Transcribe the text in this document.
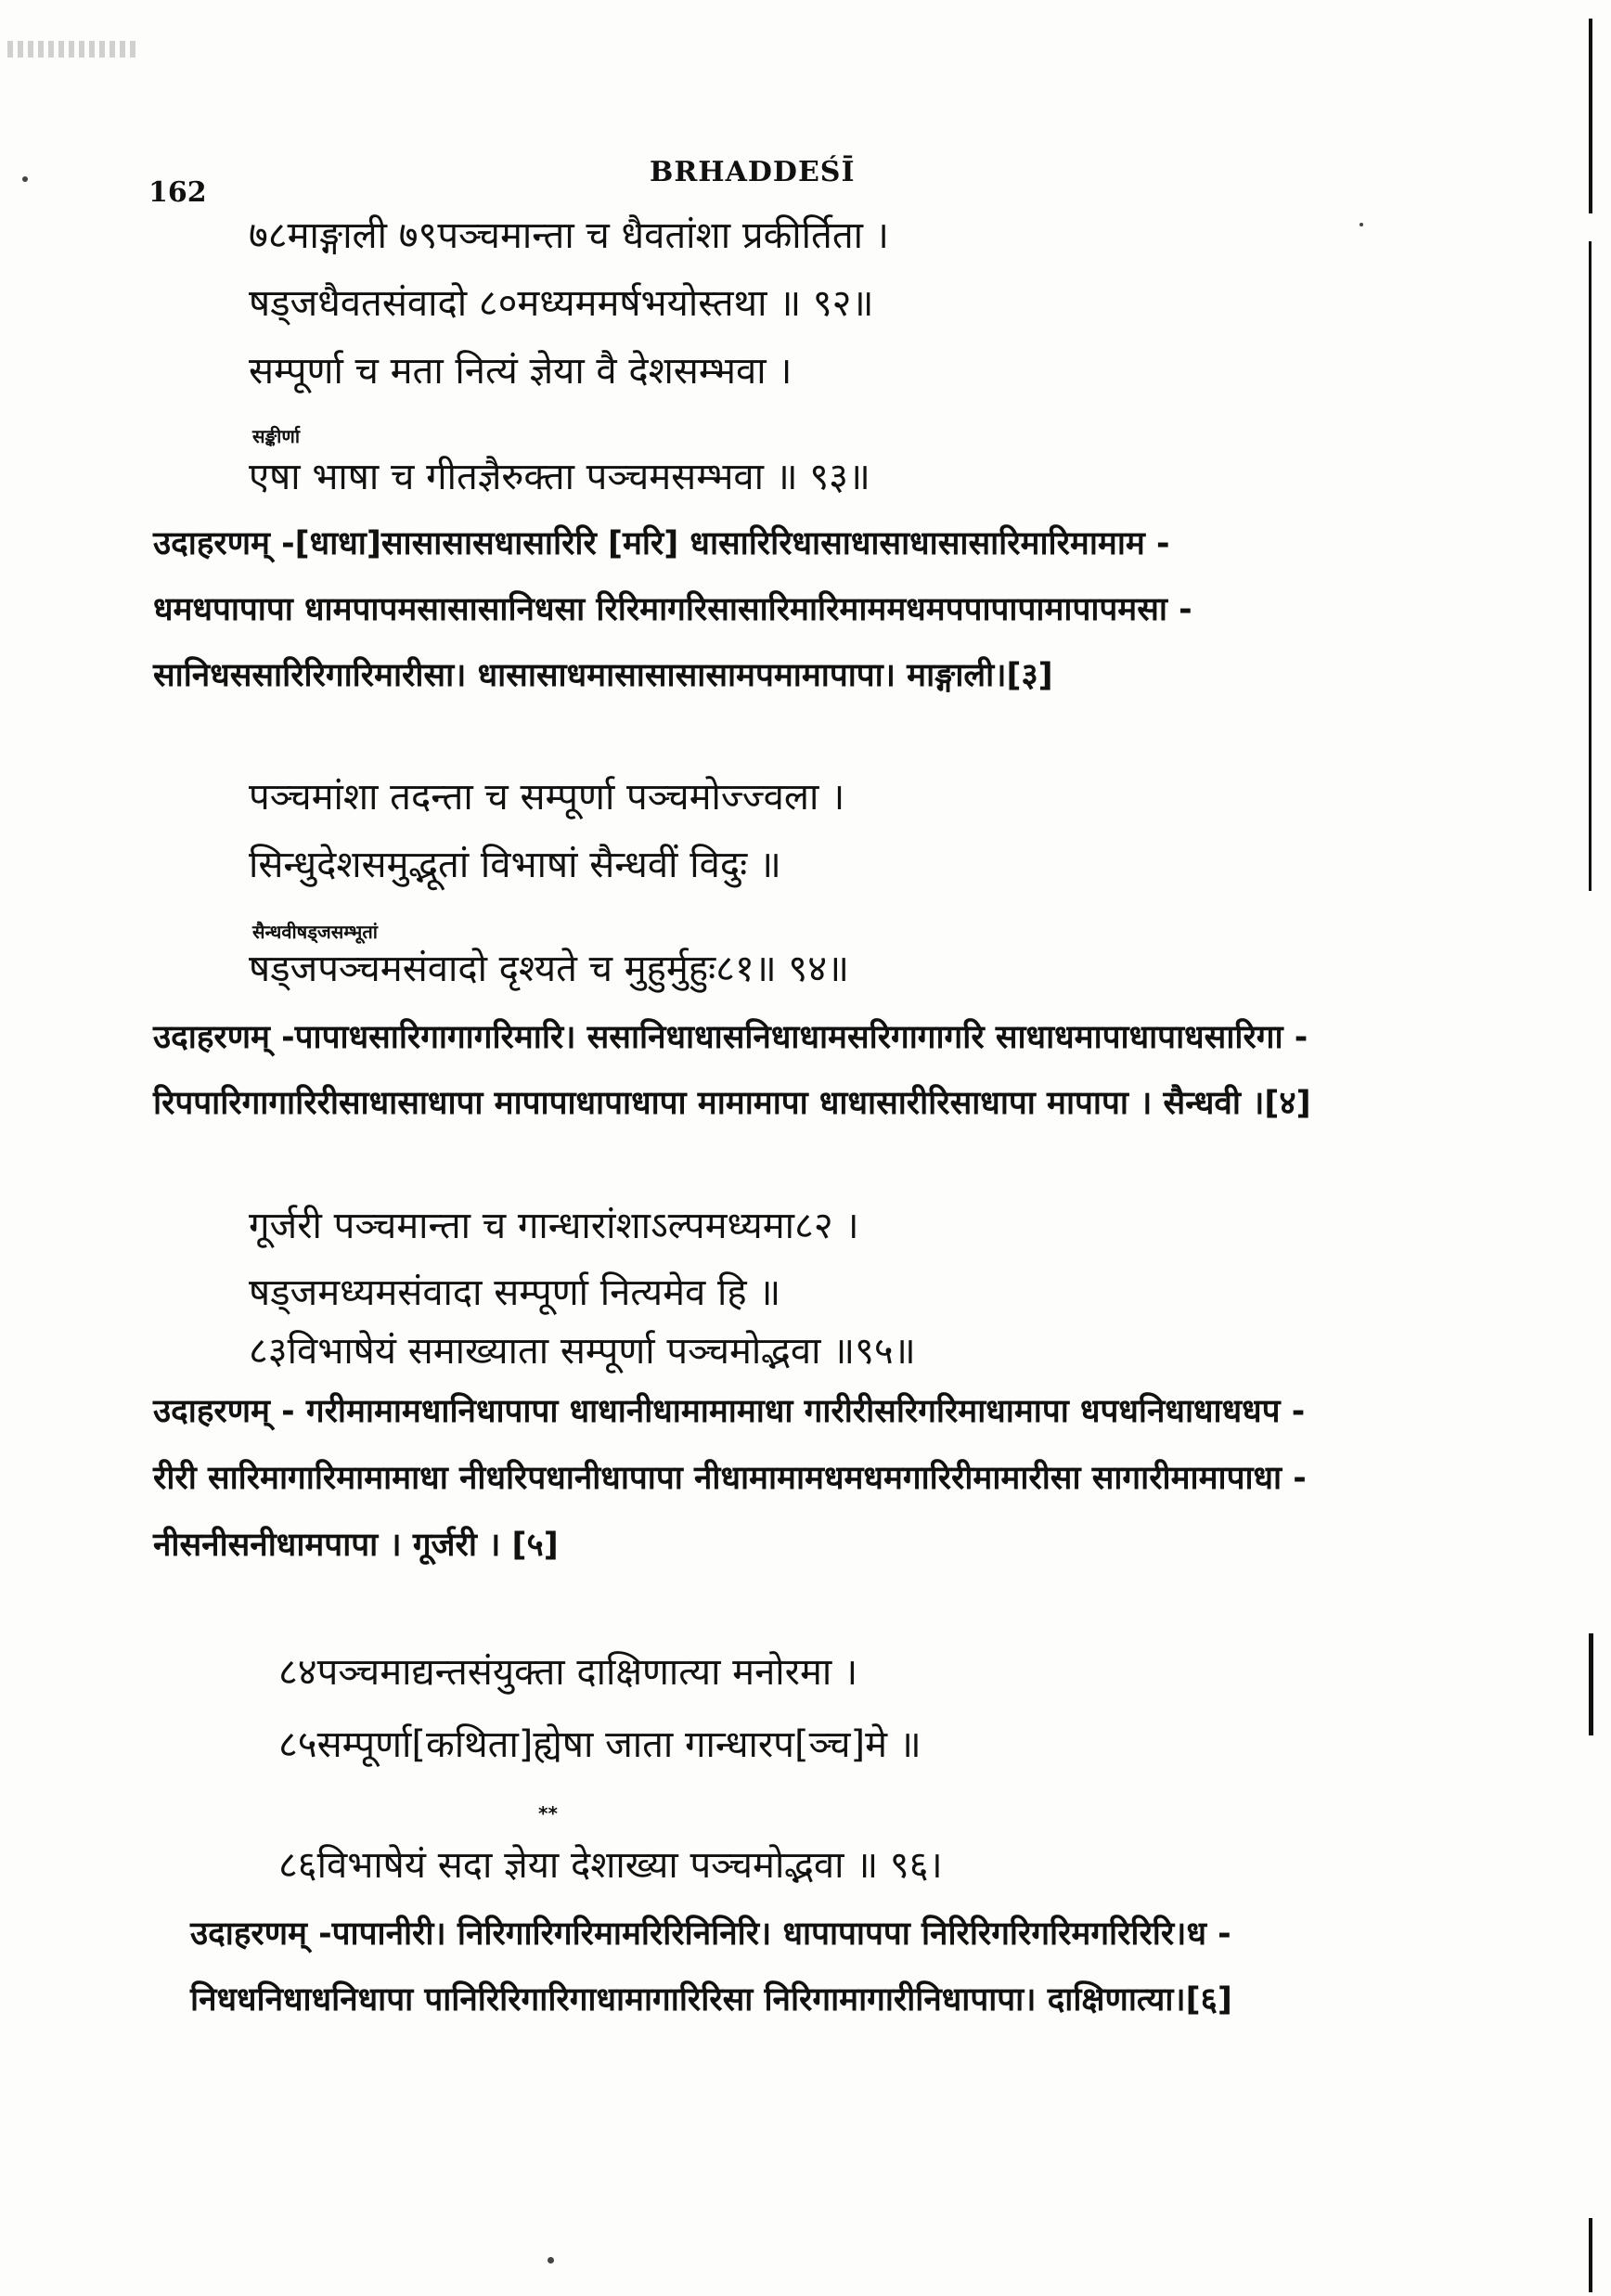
162
BRHADDEŚĪ
७८माङ्गाली ७९पञ्चमान्ता च धैवतांशा प्रकीर्तिता ।
षड्जधैवतसंवादो ८०मध्यममर्षभयोस्तथा ॥ ९२॥
सम्पूर्णा च मता नित्यं ज्ञेया वै देशसम्भवा ।
सङ्कीर्णा
एषा भाषा च गीतज्ञैरुक्ता पञ्चमसम्भवा ॥ ९३॥
उदाहरणम् -[धाधा]सासासासधासारिरि [मरि] धासारिरिधासाधासाधासासारिमारिमामाम -
धमधपापापा धामपापमसासासानिधसा रिरिमागरिसासारिमारिमाममधमपपापापामापापमसा -
सानिधससारिरिगारिमारीसा। धासासाधमासासासासामपमामापापा। माङ्गाली।[३]
पञ्चमांशा तदन्ता च सम्पूर्णा पञ्चमोज्ज्वला ।
सिन्धुदेशसमुद्भूतां विभाषां सैन्धवीं विदुः ॥
सैन्धवीषड्जसम्भूतां
षड्जपञ्चमसंवादो दृश्यते च मुहुर्मुहुः८१॥ ९४॥
उदाहरणम् -पापाधसारिगागागरिमारि। ससानिधाधासनिधाधामसरिगागागरि साधाधमापाधापाधसारिगा -
रिपपारिगागारिरीसाधासाधापा मापापाधापाधापा मामामापा धाधासारीरिसाधापा मापापा । सैन्धवी ।[४]
गूर्जरी पञ्चमान्ता च गान्धारांशाऽल्पमध्यमा८२ ।
षड्जमध्यमसंवादा सम्पूर्णा नित्यमेव हि ॥
८३विभाषेयं समाख्याता सम्पूर्णा पञ्चमोद्भवा ॥९५॥
उदाहरणम् - गरीमामामधानिधापापा धाधानीधामामामाधा गारीरीसरिगरिमाधामापा धपधनिधाधाधधप -
रीरी सारिमागारिमामामाधा नीधरिपधानीधापापा नीधामामामधमधमगारिरीमामारीसा सागारीमामापाधा -
नीसनीसनीधामपापा । गूर्जरी । [५]
८४पञ्चमाद्यन्तसंयुक्ता दाक्षिणात्या मनोरमा ।
८५सम्पूर्णा[कथिता]ह्येषा जाता गान्धारप[ञ्च]मे ॥
**
८६विभाषेयं सदा ज्ञेया देशाख्या पञ्चमोद्भवा ॥ ९६।
उदाहरणम् -पापानीरी। निरिगारिगरिमामरिरिनिनिरि। धापापापपा निरिरिगरिगरिमगरिरिरि।ध -
निधधनिधाधनिधापा पानिरिरिगारिगाधामागारिरिसा निरिगामागारीनिधापापा। दाक्षिणात्या।[६]
